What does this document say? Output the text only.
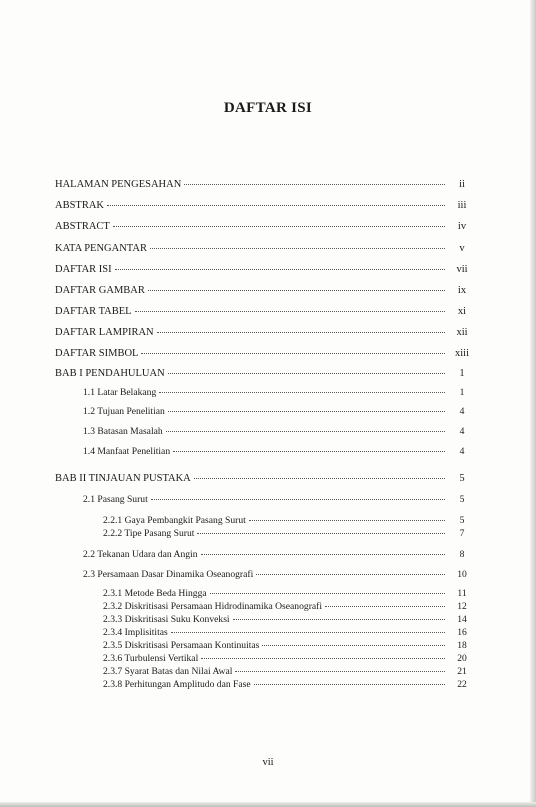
DAFTAR ISI
HALAMAN PENGESAHAN	ii
ABSTRAK	iii
ABSTRACT	iv
KATA PENGANTAR	v
DAFTAR ISI	vii
DAFTAR GAMBAR	ix
DAFTAR TABEL	xi
DAFTAR LAMPIRAN	xii
DAFTAR SIMBOL	xiii
BAB I PENDAHULUAN	1
1.1 Latar Belakang	1
1.2 Tujuan Penelitian	4
1.3 Batasan Masalah	4
1.4 Manfaat Penelitian	4
BAB II TINJAUAN PUSTAKA	5
2.1 Pasang Surut	5
2.2.1 Gaya Pembangkit Pasang Surut	5
2.2.2 Tipe Pasang Surut	7
2.2 Tekanan Udara dan Angin	8
2.3 Persamaan Dasar Dinamika Oseanografi	10
2.3.1 Metode Beda Hingga	11
2.3.2 Diskritisasi Persamaan Hidrodinamika Oseanografi	12
2.3.3 Diskritisasi Suku Konveksi	14
2.3.4 Implisititas	16
2.3.5 Diskritisasi Persamaan Kontinuitas	18
2.3.6 Turbulensi Vertikal	20
2.3.7 Syarat Batas dan Nilai Awal	21
2.3.8 Perhitungan Amplitudo dan Fase	22
vii
